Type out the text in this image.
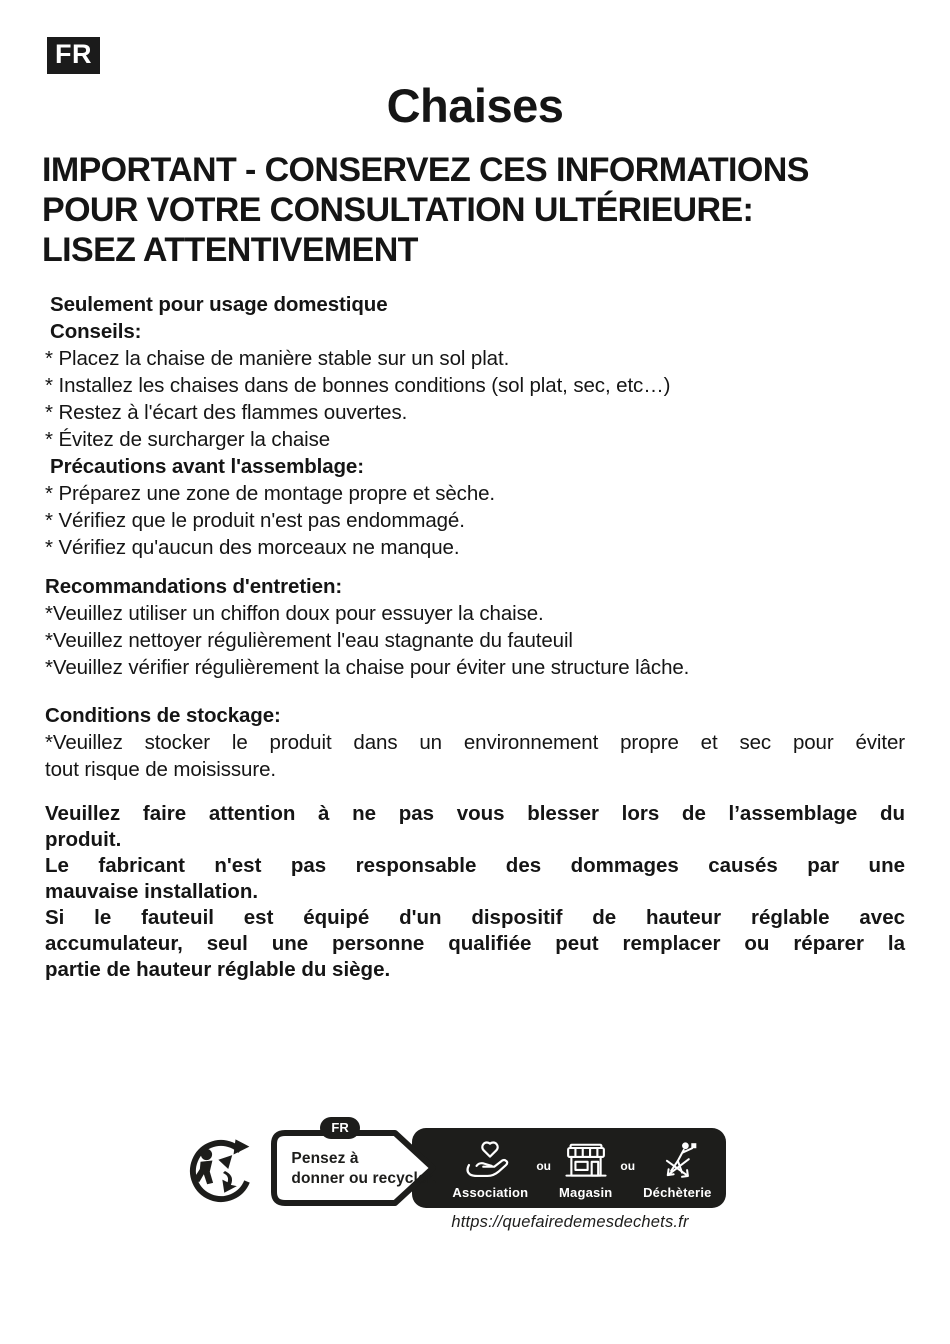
FR
Chaises
IMPORTANT - CONSERVEZ CES INFORMATIONS
POUR VOTRE CONSULTATION ULTÉRIEURE:
LISEZ ATTENTIVEMENT
Seulement pour usage domestique
Conseils:
* Placez la chaise de manière stable sur un sol plat.
* Installez les chaises dans de bonnes conditions (sol plat, sec, etc…)
* Restez à l'écart des flammes ouvertes.
* Évitez de surcharger la chaise
Précautions avant l'assemblage:
* Préparez une zone de montage propre et sèche.
* Vérifiez que le produit n'est pas endommagé.
* Vérifiez qu'aucun des morceaux ne manque.
Recommandations d'entretien:
*Veuillez utiliser un chiffon doux pour essuyer la chaise.
*Veuillez nettoyer régulièrement l'eau stagnante du fauteuil
*Veuillez vérifier régulièrement la chaise pour éviter une structure lâche.
Conditions de stockage:
*Veuillez stocker le produit dans un environnement propre et sec pour éviter
tout risque de moisissure.
Veuillez faire attention à ne pas vous blesser lors de l’assemblage du
produit.
Le fabricant n'est pas responsable des dommages causés par une
mauvaise installation.
Si le fauteuil est équipé d'un dispositif de hauteur réglable avec
accumulateur, seul une personne qualifiée peut remplacer ou réparer la
partie de hauteur réglable du siège.
FR
Pensez à
donner ou recycler.
Association
ou
Magasin
ou
Déchèterie
https://quefairedemesdechets.fr
